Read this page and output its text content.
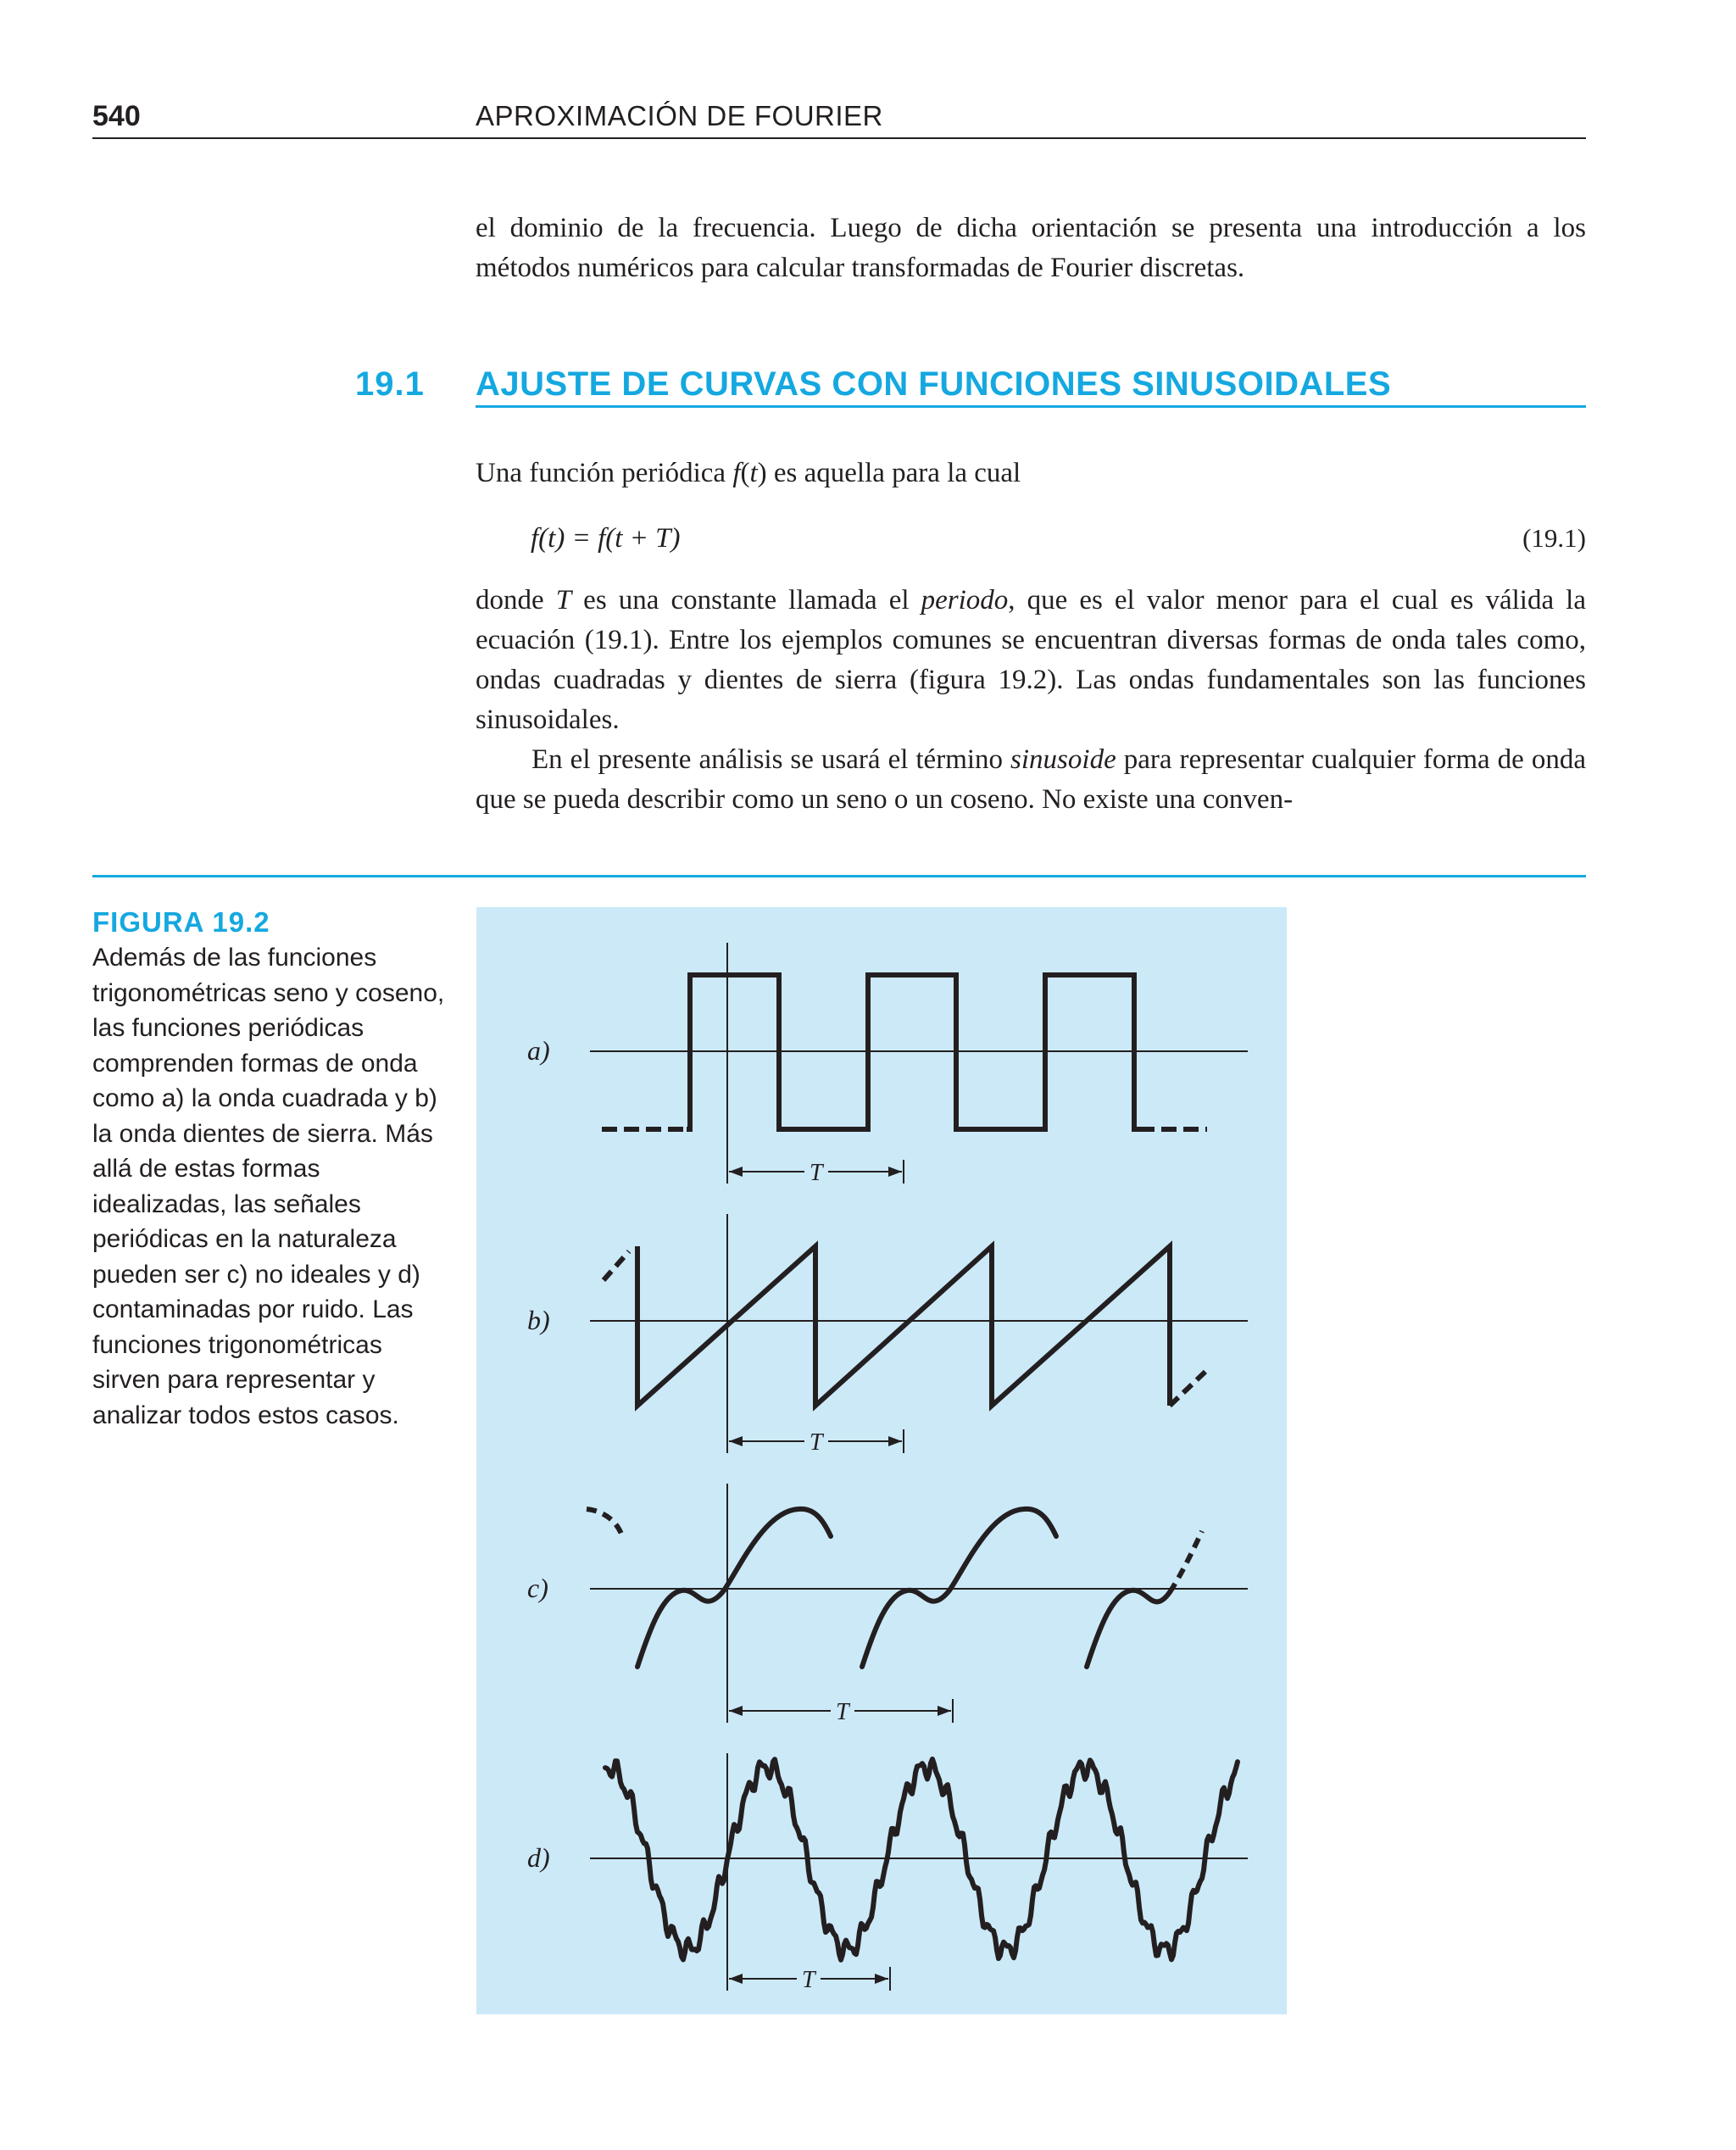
540	APROXIMACIÓN DE FOURIER

el dominio de la frecuencia. Luego de dicha orientación se presenta una introducción a los métodos numéricos para calcular transformadas de Fourier discretas.

19.1 AJUSTE DE CURVAS CON FUNCIONES SINUSOIDALES

Una función periódica f(t) es aquella para la cual

f(t) = f(t + T)	(19.1)

donde T es una constante llamada el periodo, que es el valor menor para el cual es válida la ecuación (19.1). Entre los ejemplos comunes se encuentran diversas formas de onda tales como, ondas cuadradas y dientes de sierra (figura 19.2). Las ondas fundamentales son las funciones sinusoidales.

En el presente análisis se usará el término sinusoide para representar cualquier forma de onda que se pueda describir como un seno o un coseno. No existe una conven-

FIGURA 19.2
Además de las funciones trigonométricas seno y coseno, las funciones periódicas comprenden formas de onda como a) la onda cuadrada y b) la onda dientes de sierra. Más allá de estas formas idealizadas, las señales periódicas en la naturaleza pueden ser c) no ideales y d) contaminadas por ruido. Las funciones trigonométricas sirven para representar y analizar todos estos casos.
a)
b)
c)
d)
T
T
T
T
